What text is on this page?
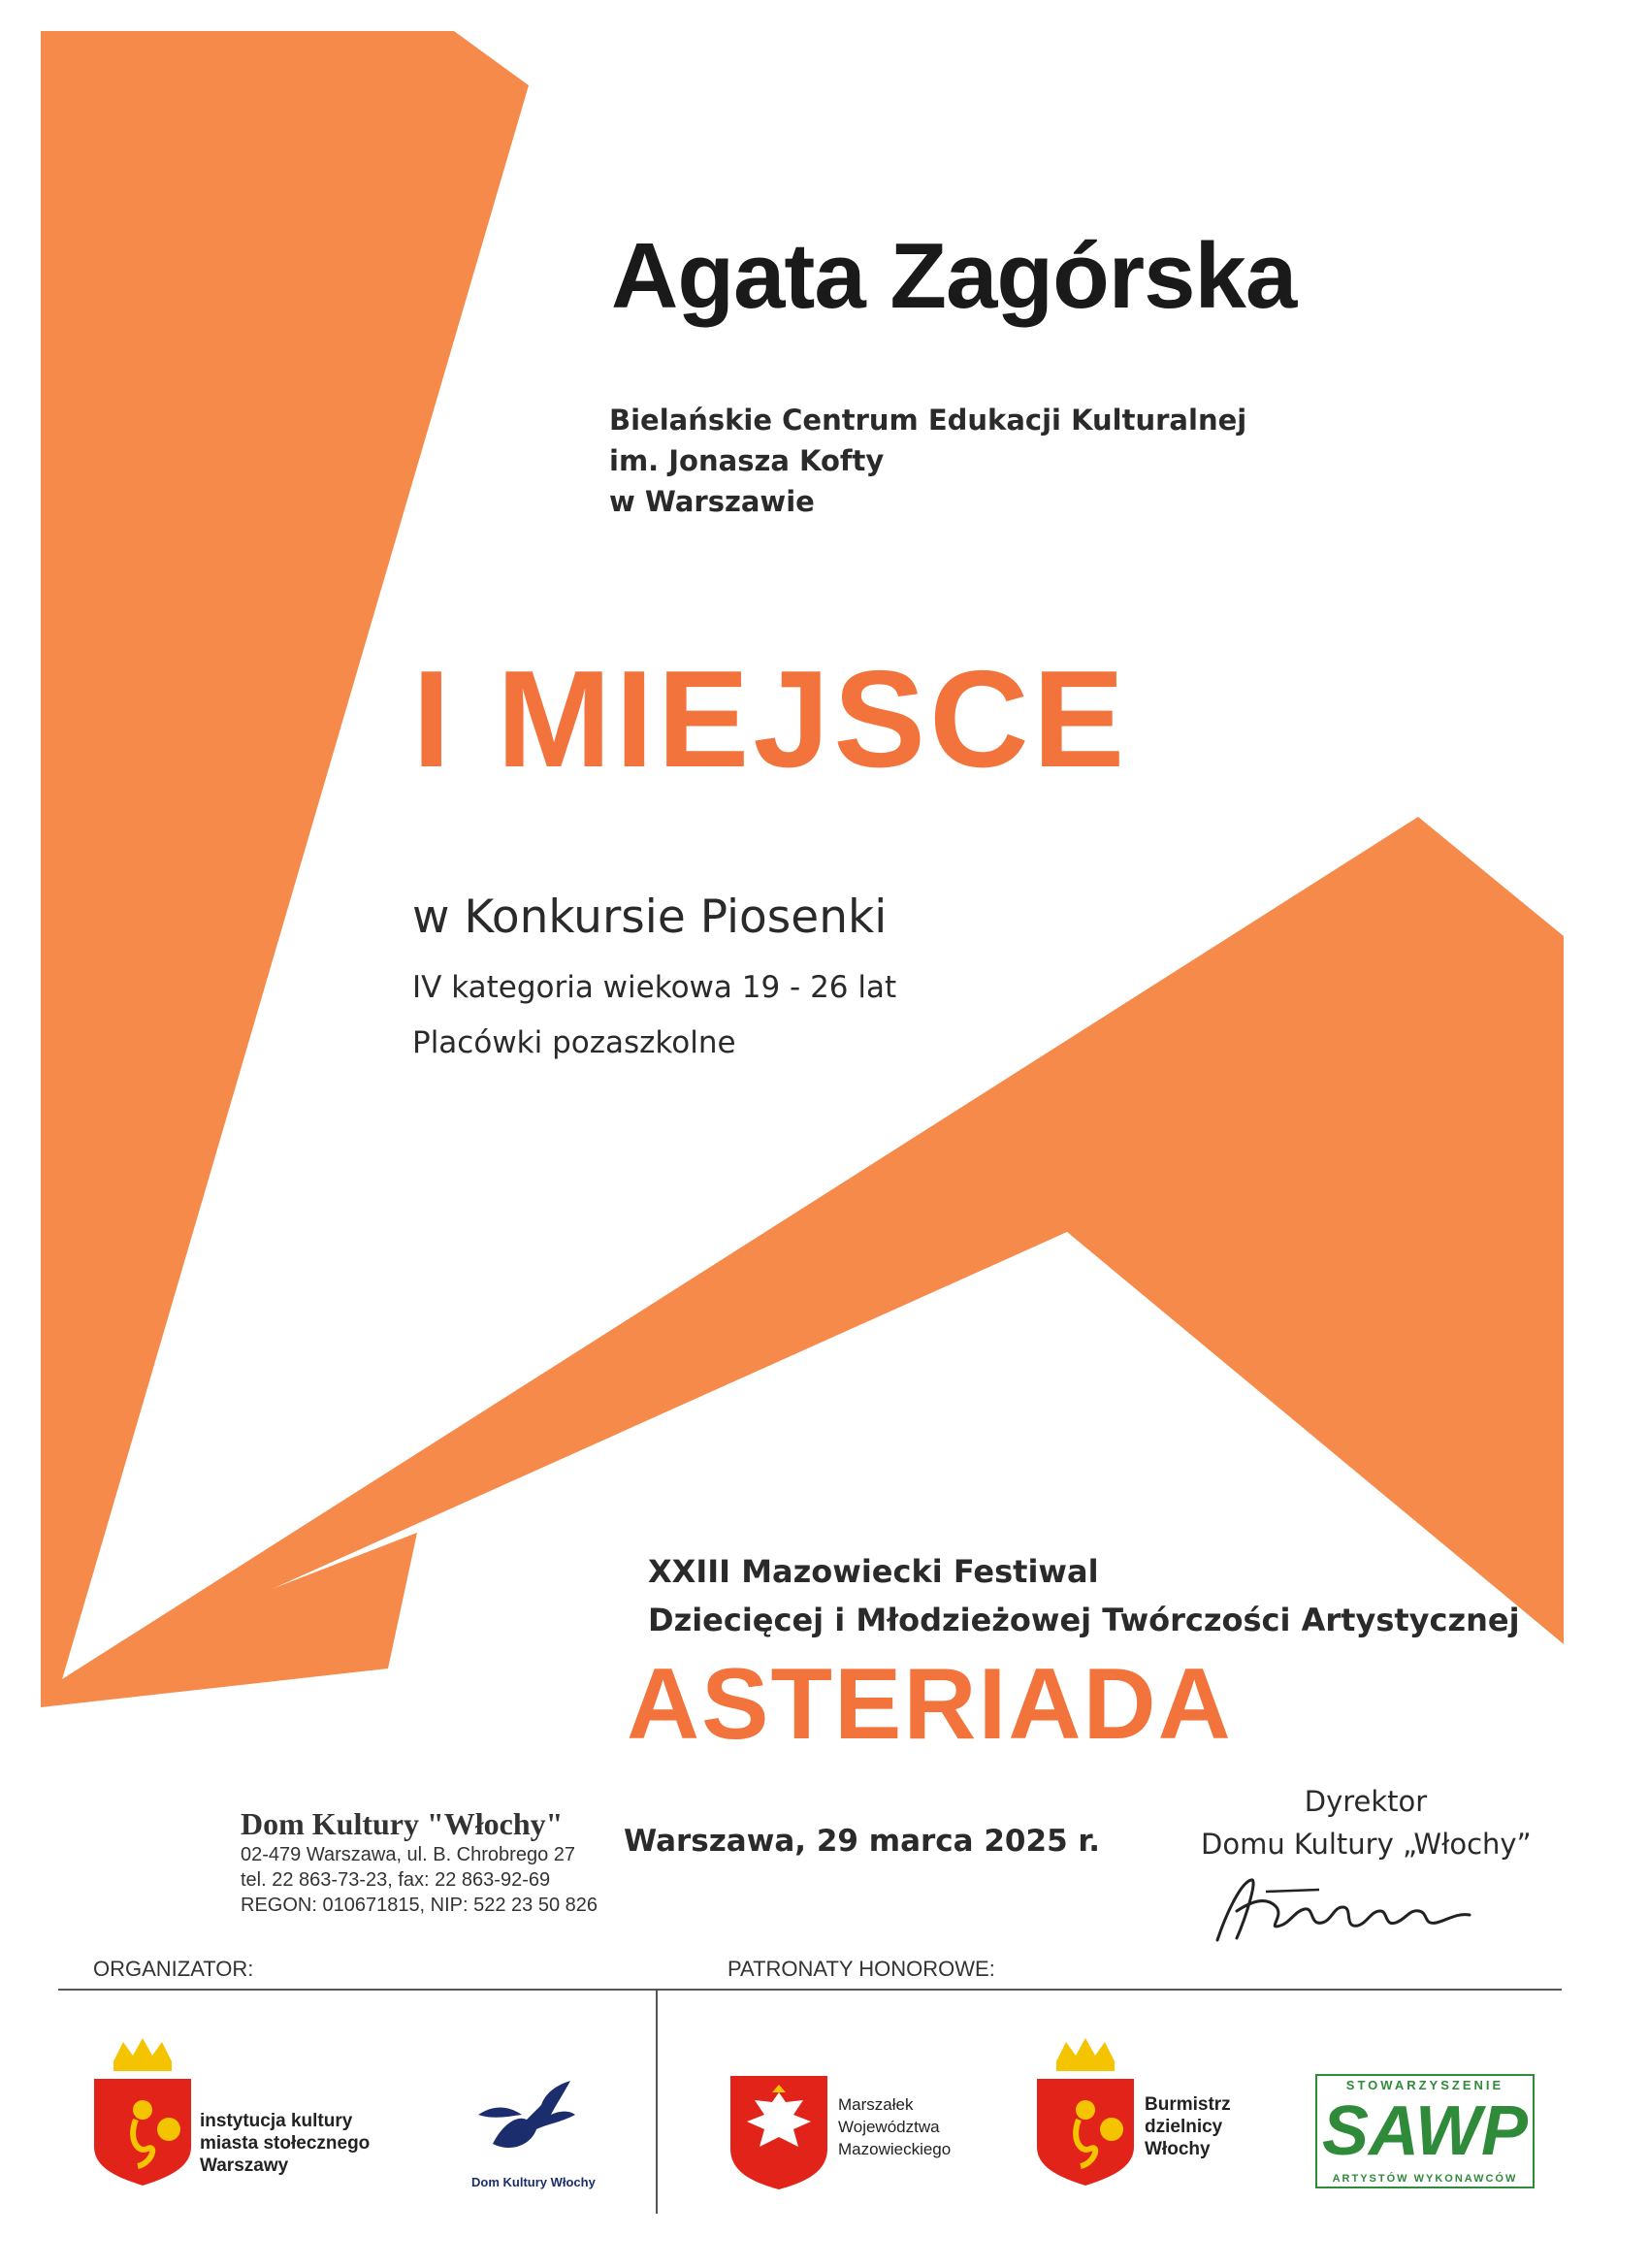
Agata Zagórska
Bielańskie Centrum Edukacji Kulturalnej
im. Jonasza Kofty
w Warszawie
I MIEJSCE
w Konkursie Piosenki
IV kategoria wiekowa 19 - 26 lat
Placówki pozaszkolne
XXIII Mazowiecki Festiwal
Dziecięcej i Młodzieżowej Twórczości Artystycznej
ASTERIADA
Dom Kultury "Włochy"
02-479 Warszawa, ul. B. Chrobrego 27
tel. 22 863-73-23, fax: 22 863-92-69
REGON: 010671815, NIP: 522 23 50 826
Warszawa, 29 marca 2025 r.
Dyrektor
Domu Kultury „Włochy”
ORGANIZATOR:	PATRONATY HONOROWE:
instytucja kultury
miasta stołecznego
Warszawy
Dom Kultury Włochy
Marszałek
Województwa
Mazowieckiego
Burmistrz
dzielnicy
Włochy
STOWARZYSZENIE
SAWP
ARTYSTÓW WYKONAWCÓW
